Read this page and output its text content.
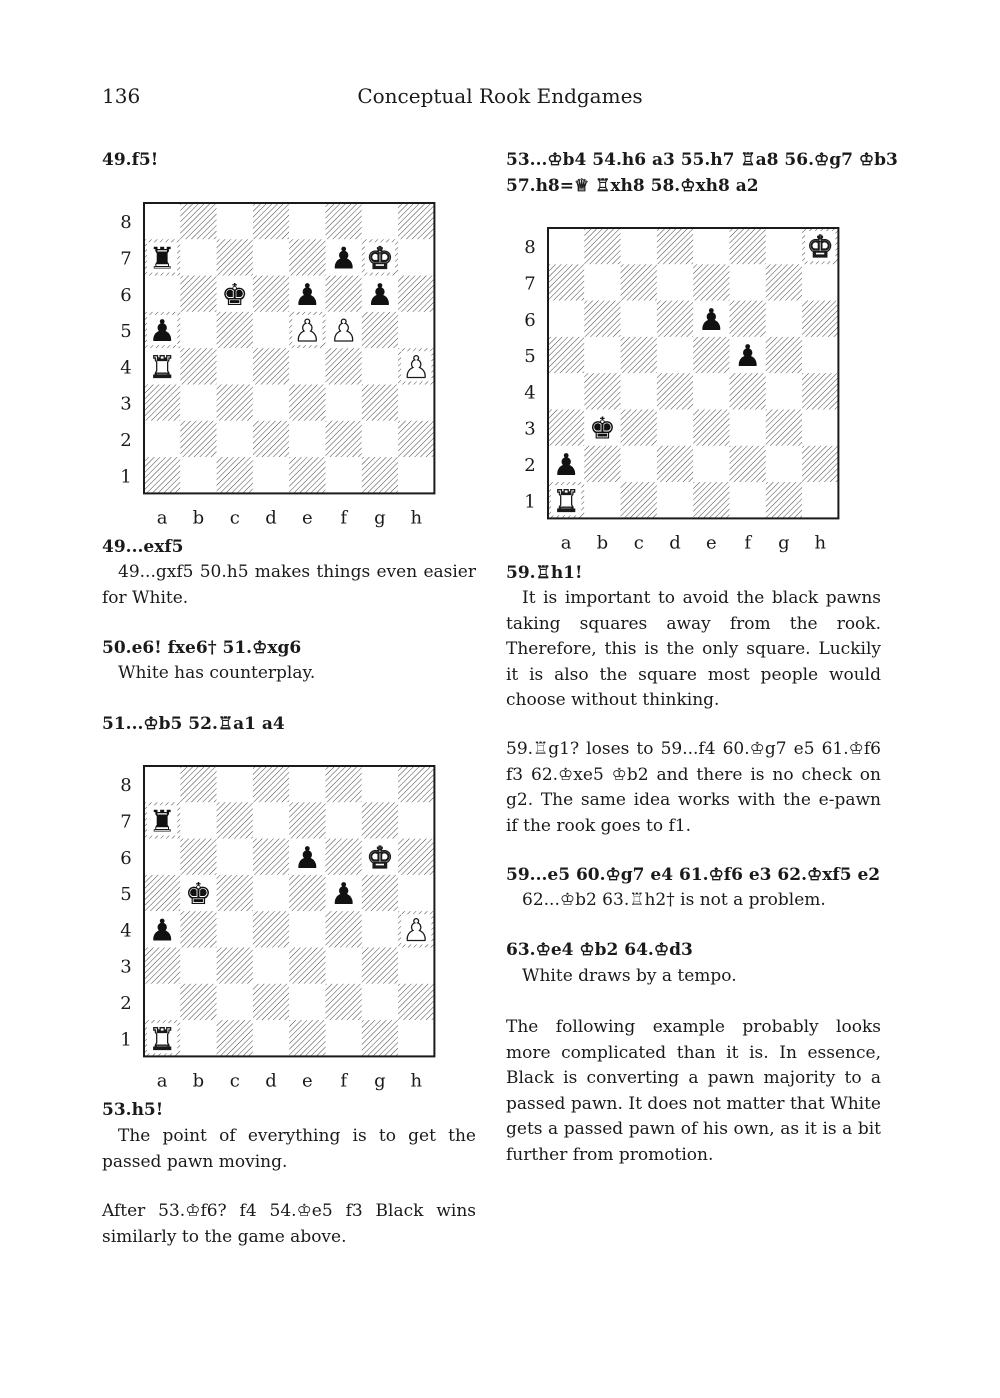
136	Conceptual Rook Endgames
49.f5!
8
7
6
5
4
3
2
1
a b c d e f g h
♜	♟ ♚
♚ ♟ ♟
♟	♟ ♟
♜	♟
49...exf5
49...gxf5 50.h5 makes things even easier for White.
50.e6! fxe6† 51.♔xg6
White has counterplay.
51...♔b5 52.♖a1 a4
8
7
6
5
4
3
2
1
a b c d e f g h
♜
♟ ♚
♚	♟
♟	♟
♜
53.h5!
The point of everything is to get the passed pawn moving.
After 53.♔f6? f4 54.♔e5 f3 Black wins similarly to the game above.
53...♔b4 54.h6 a3 55.h7 ♖a8 56.♔g7 ♔b3
57.h8=♕ ♖xh8 58.♔xh8 a2
8
7
6
5
4
3
2
1
a b c d e f g h
♚
♟
♟
♚
♟
♜
59.♖h1!
It is important to avoid the black pawns taking squares away from the rook. Therefore, this is the only square. Luckily it is also the square most people would choose without thinking.
59.♖g1? loses to 59...f4 60.♔g7 e5 61.♔f6 f3 62.♔xe5 ♔b2 and there is no check on g2. The same idea works with the e-pawn if the rook goes to f1.
59...e5 60.♔g7 e4 61.♔f6 e3 62.♔xf5 e2
62...♔b2 63.♖h2† is not a problem.
63.♔e4 ♔b2 64.♔d3
White draws by a tempo.
The following example probably looks more complicated than it is. In essence, Black is converting a pawn majority to a passed pawn. It does not matter that White gets a passed pawn of his own, as it is a bit further from promotion.
